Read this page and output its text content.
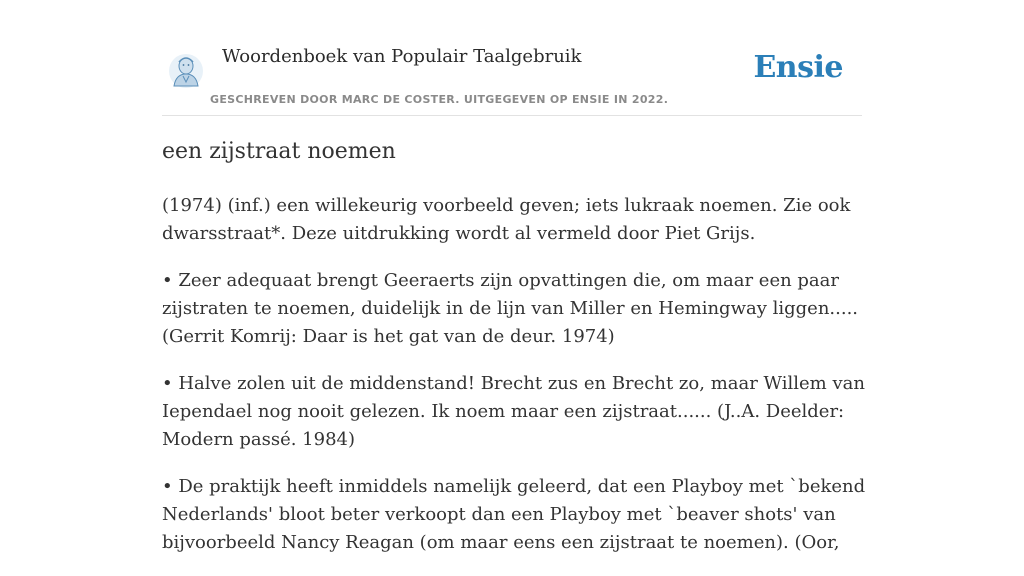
Woordenboek van Populair Taalgebruik
GESCHREVEN DOOR MARC DE COSTER. UITGEGEVEN OP ENSIE IN 2022.
Ensie
een zijstraat noemen

(1974) (inf.) een willekeurig voorbeeld geven; iets lukraak noemen. Zie ook dwarsstraat*. Deze uitdrukking wordt al vermeld door Piet Grijs.

• Zeer adequaat brengt Geeraerts zijn opvattingen die, om maar een paar zijstraten te noemen, duidelijk in de lijn van Miller en Hemingway liggen..... (Gerrit Komrij: Daar is het gat van de deur. 1974)

• Halve zolen uit de middenstand! Brecht zus en Brecht zo, maar Willem van Iependael nog nooit gelezen. Ik noem maar een zijstraat...... (J..A. Deelder: Modern passé. 1984)

• De praktijk heeft inmiddels namelijk geleerd, dat een Playboy met `bekend Nederlands' bloot beter verkoopt dan een Playboy met `beaver shots' van bijvoorbeeld Nancy Reagan (om maar eens een zijstraat te noemen). (Oor,
